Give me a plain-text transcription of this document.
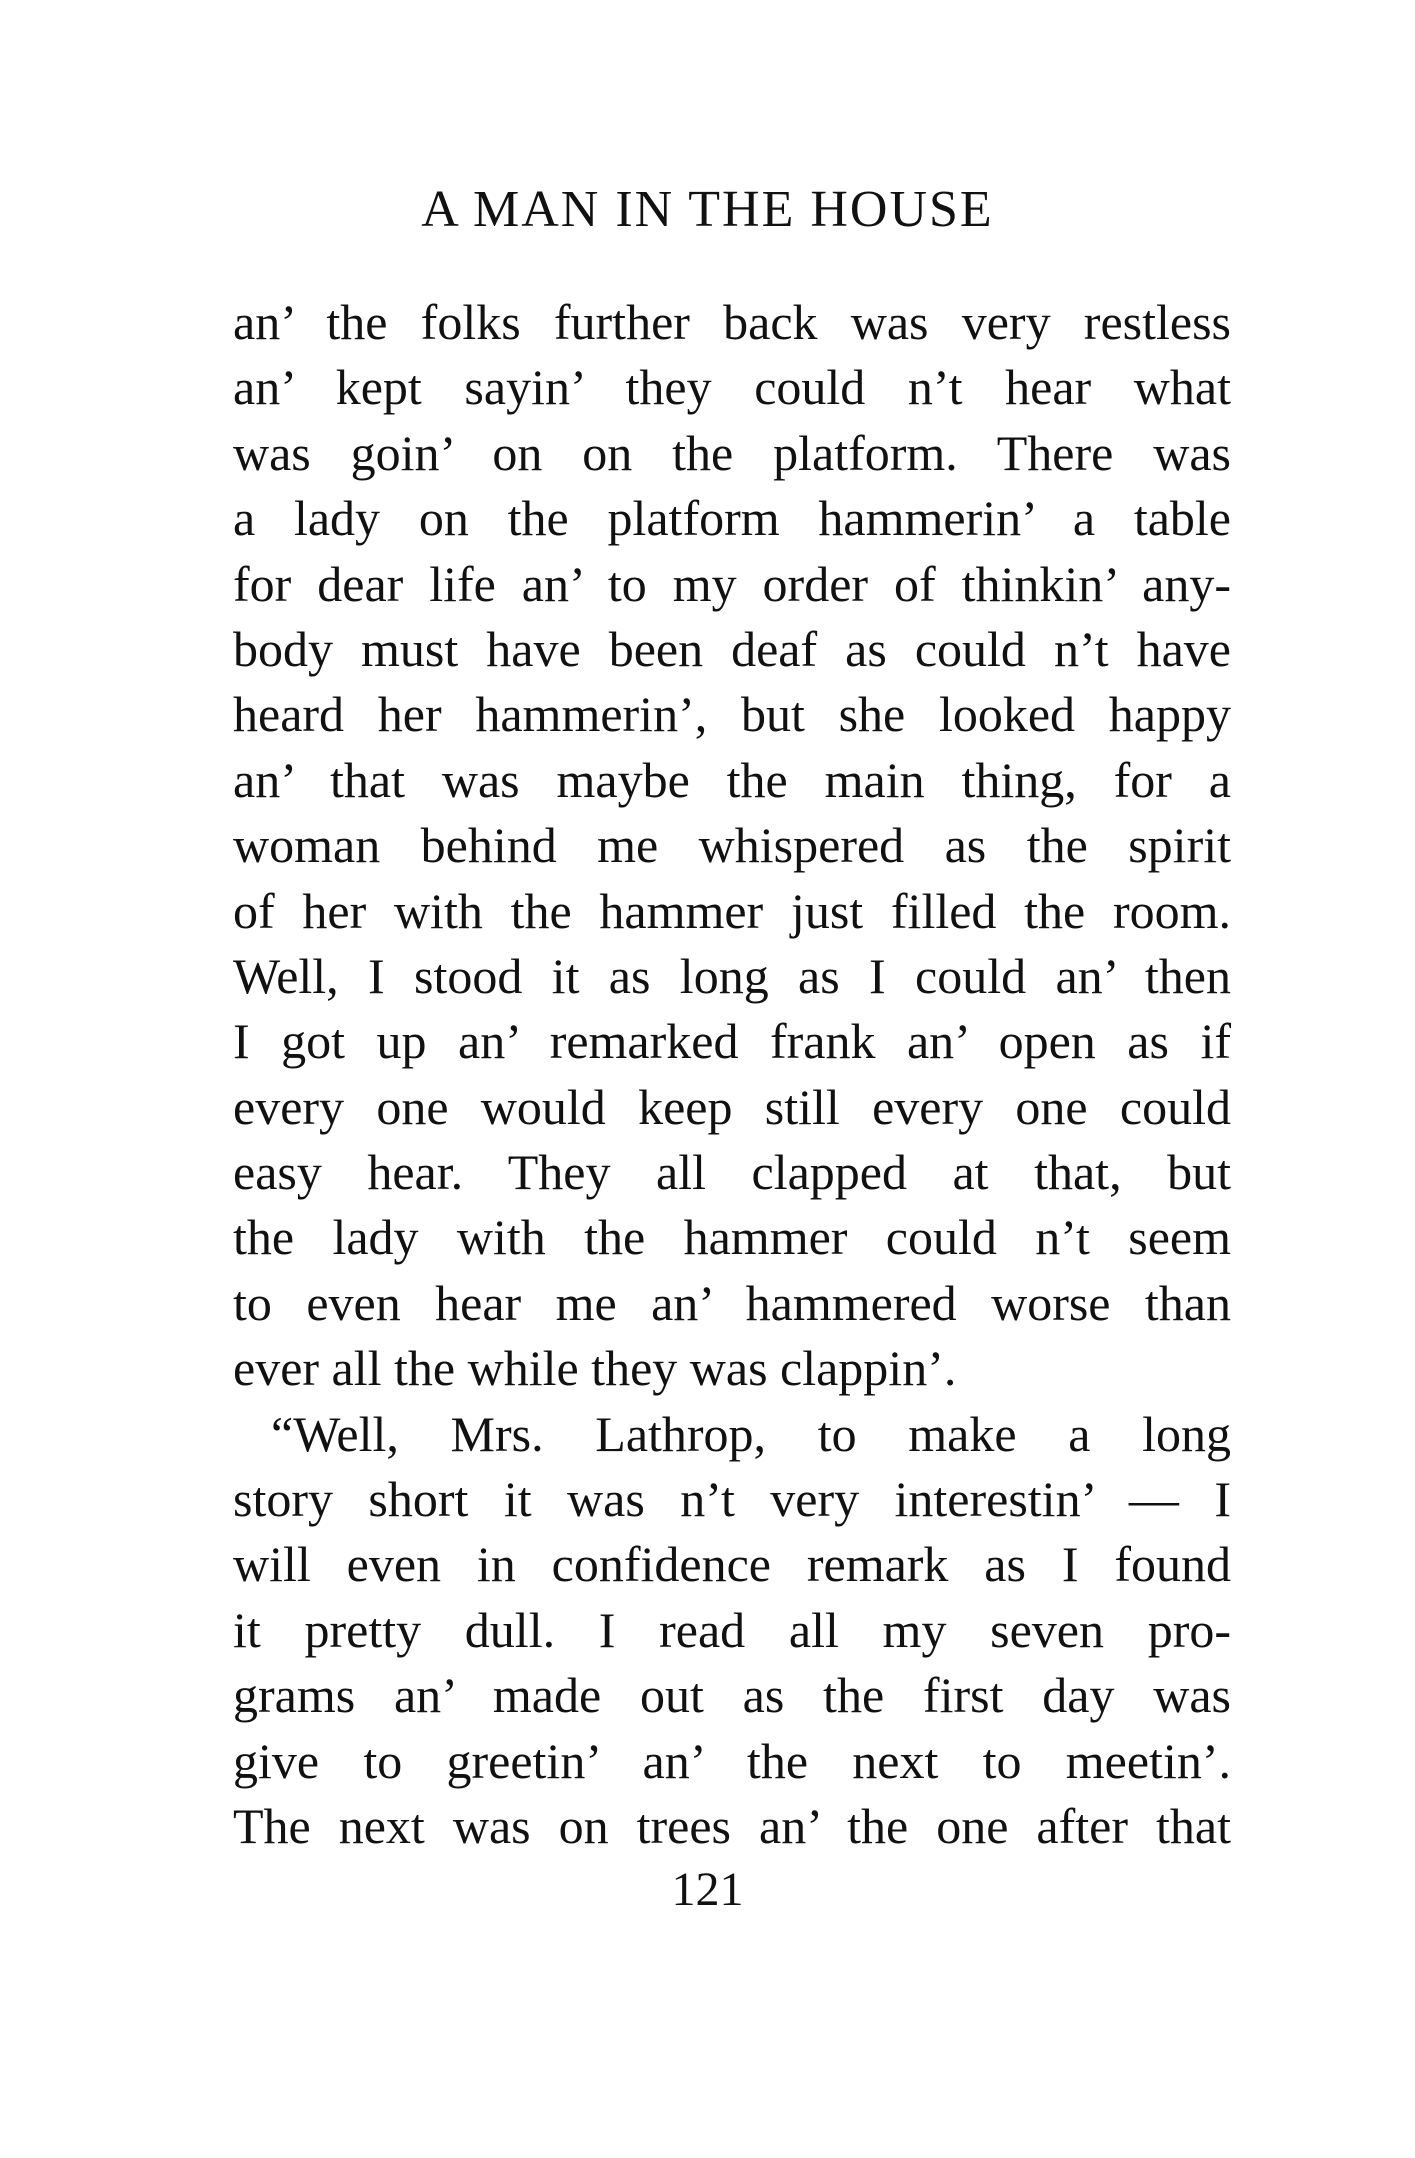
A MAN IN THE HOUSE
an’ the folks further back was very restless
an’ kept sayin’ they could n’t hear what
was goin’ on on the platform. There was
a lady on the platform hammerin’ a table
for dear life an’ to my order of thinkin’ any-
body must have been deaf as could n’t have
heard her hammerin’, but she looked happy
an’ that was maybe the main thing, for a
woman behind me whispered as the spirit
of her with the hammer just filled the room.
Well, I stood it as long as I could an’ then
I got up an’ remarked frank an’ open as if
every one would keep still every one could
easy hear. They all clapped at that, but
the lady with the hammer could n’t seem
to even hear me an’ hammered worse than
ever all the while they was clappin’.
“Well, Mrs. Lathrop, to make a long
story short it was n’t very interestin’ — I
will even in confidence remark as I found
it pretty dull. I read all my seven pro-
grams an’ made out as the first day was
give to greetin’ an’ the next to meetin’.
The next was on trees an’ the one after that
121
